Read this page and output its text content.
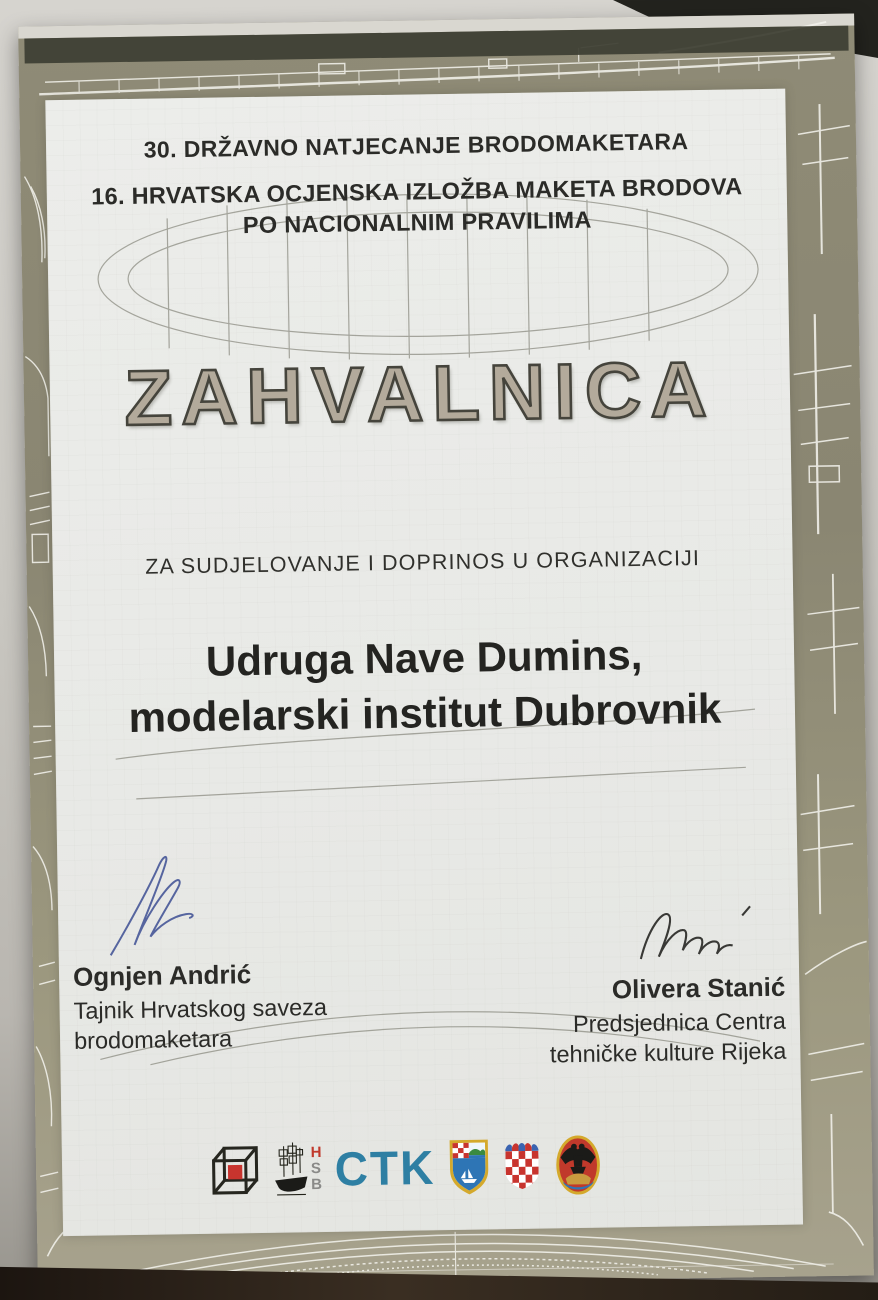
30. DRŽAVNO NATJECANJE BRODOMAKETARA
16. HRVATSKA OCJENSKA IZLOŽBA MAKETA BRODOVA
PO NACIONALNIM PRAVILIMA
ZAHVALNICA
ZA SUDJELOVANJE I DOPRINOS U ORGANIZACIJI
Udruga Nave Dumins,
modelarski institut Dubrovnik
Ognjen Andrić
Tajnik Hrvatskog saveza
brodomaketara
Olivera Stanić
Predsjednica Centra
tehničke kulture Rijeka
H
S
B CTK
